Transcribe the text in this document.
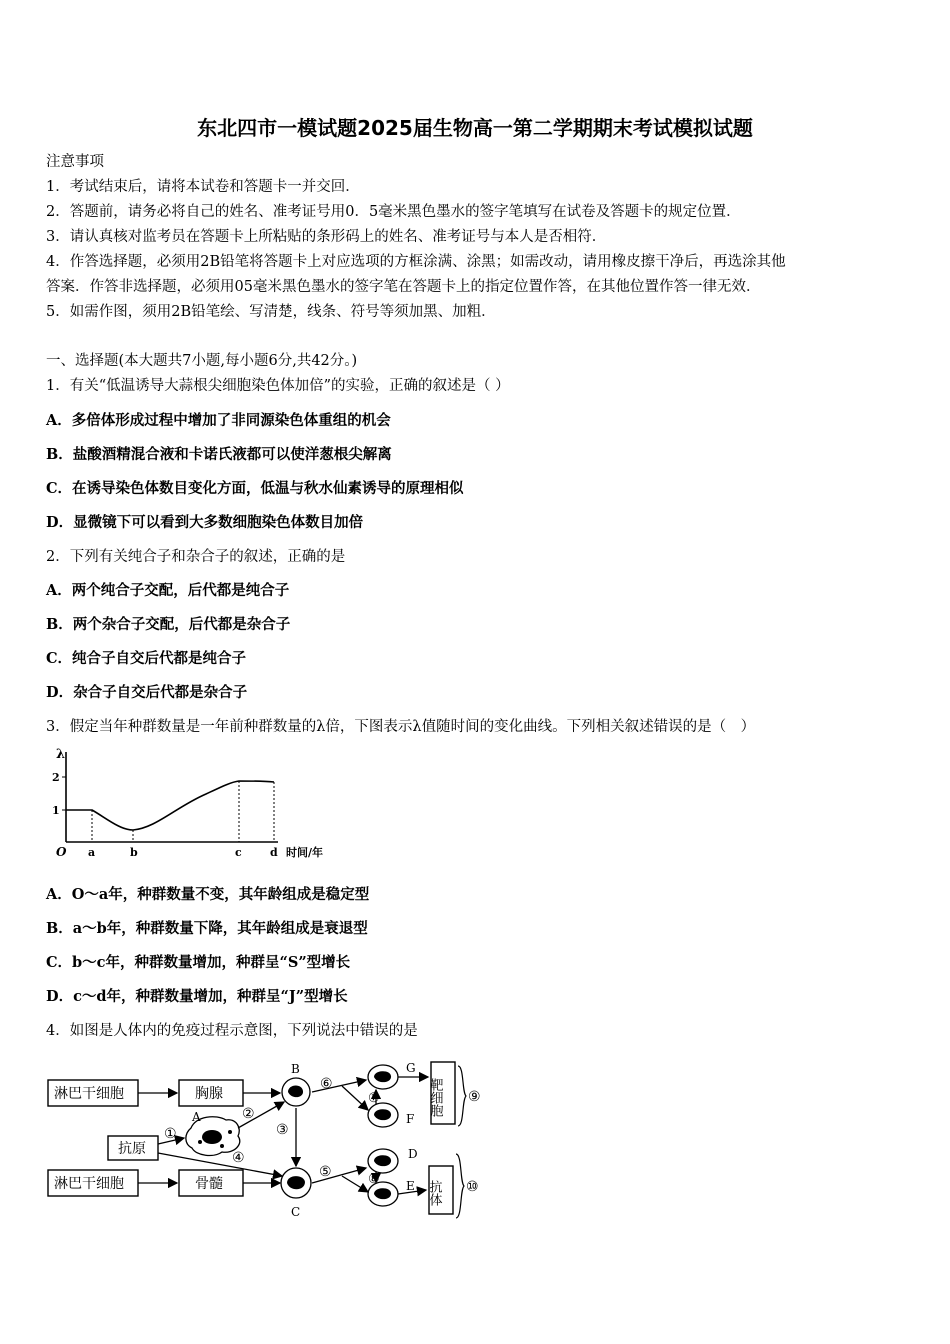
东北四市一模试题2025届生物高一第二学期期末考试模拟试题
注意事项
1．考试结束后，请将本试卷和答题卡一并交回．
2．答题前，请务必将自己的姓名、准考证号用0．5毫米黑色墨水的签字笔填写在试卷及答题卡的规定位置．
3．请认真核对监考员在答题卡上所粘贴的条形码上的姓名、准考证号与本人是否相符．
4．作答选择题，必须用2B铅笔将答题卡上对应选项的方框涂满、涂黑；如需改动，请用橡皮擦干净后，再选涂其他
答案．作答非选择题，必须用05毫米黑色墨水的签字笔在答题卡上的指定位置作答，在其他位置作答一律无效．
5．如需作图，须用2B铅笔绘、写清楚，线条、符号等须加黑、加粗．
一、选择题(本大题共7小题,每小题6分,共42分。)
1．有关“低温诱导大蒜根尖细胞染色体加倍”的实验，正确的叙述是（ ）
A．多倍体形成过程中增加了非同源染色体重组的机会
B．盐酸酒精混合液和卡诺氏液都可以使洋葱根尖解离
C．在诱导染色体数目变化方面，低温与秋水仙素诱导的原理相似
D．显微镜下可以看到大多数细胞染色体数目加倍
2．下列有关纯合子和杂合子的叙述，正确的是
A．两个纯合子交配，后代都是纯合子
B．两个杂合子交配，后代都是杂合子
C．纯合子自交后代都是纯合子
D．杂合子自交后代都是杂合子
3．假定当年种群数量是一年前种群数量的λ倍，下图表示λ值随时间的变化曲线。下列相关叙述错误的是（　）
λ
2
1
O a	b	c	d 时间/年
A．O～a年，种群数量不变，其年龄组成是稳定型
B．a～b年，种群数量下降，其年龄组成是衰退型
C．b～c年，种群数量增加，种群呈“S”型增长
D．c～d年，种群数量增加，种群呈“J”型增长
4．如图是人体内的免疫过程示意图，下列说法中错误的是
淋巴干细胞	胸腺
抗原
淋巴干细胞	骨髓
靶细胞
抗体
A
B
C
⑥
G
⑦
F
⑤
D
⑧ E
①
②
③
④
⑨
⑩
